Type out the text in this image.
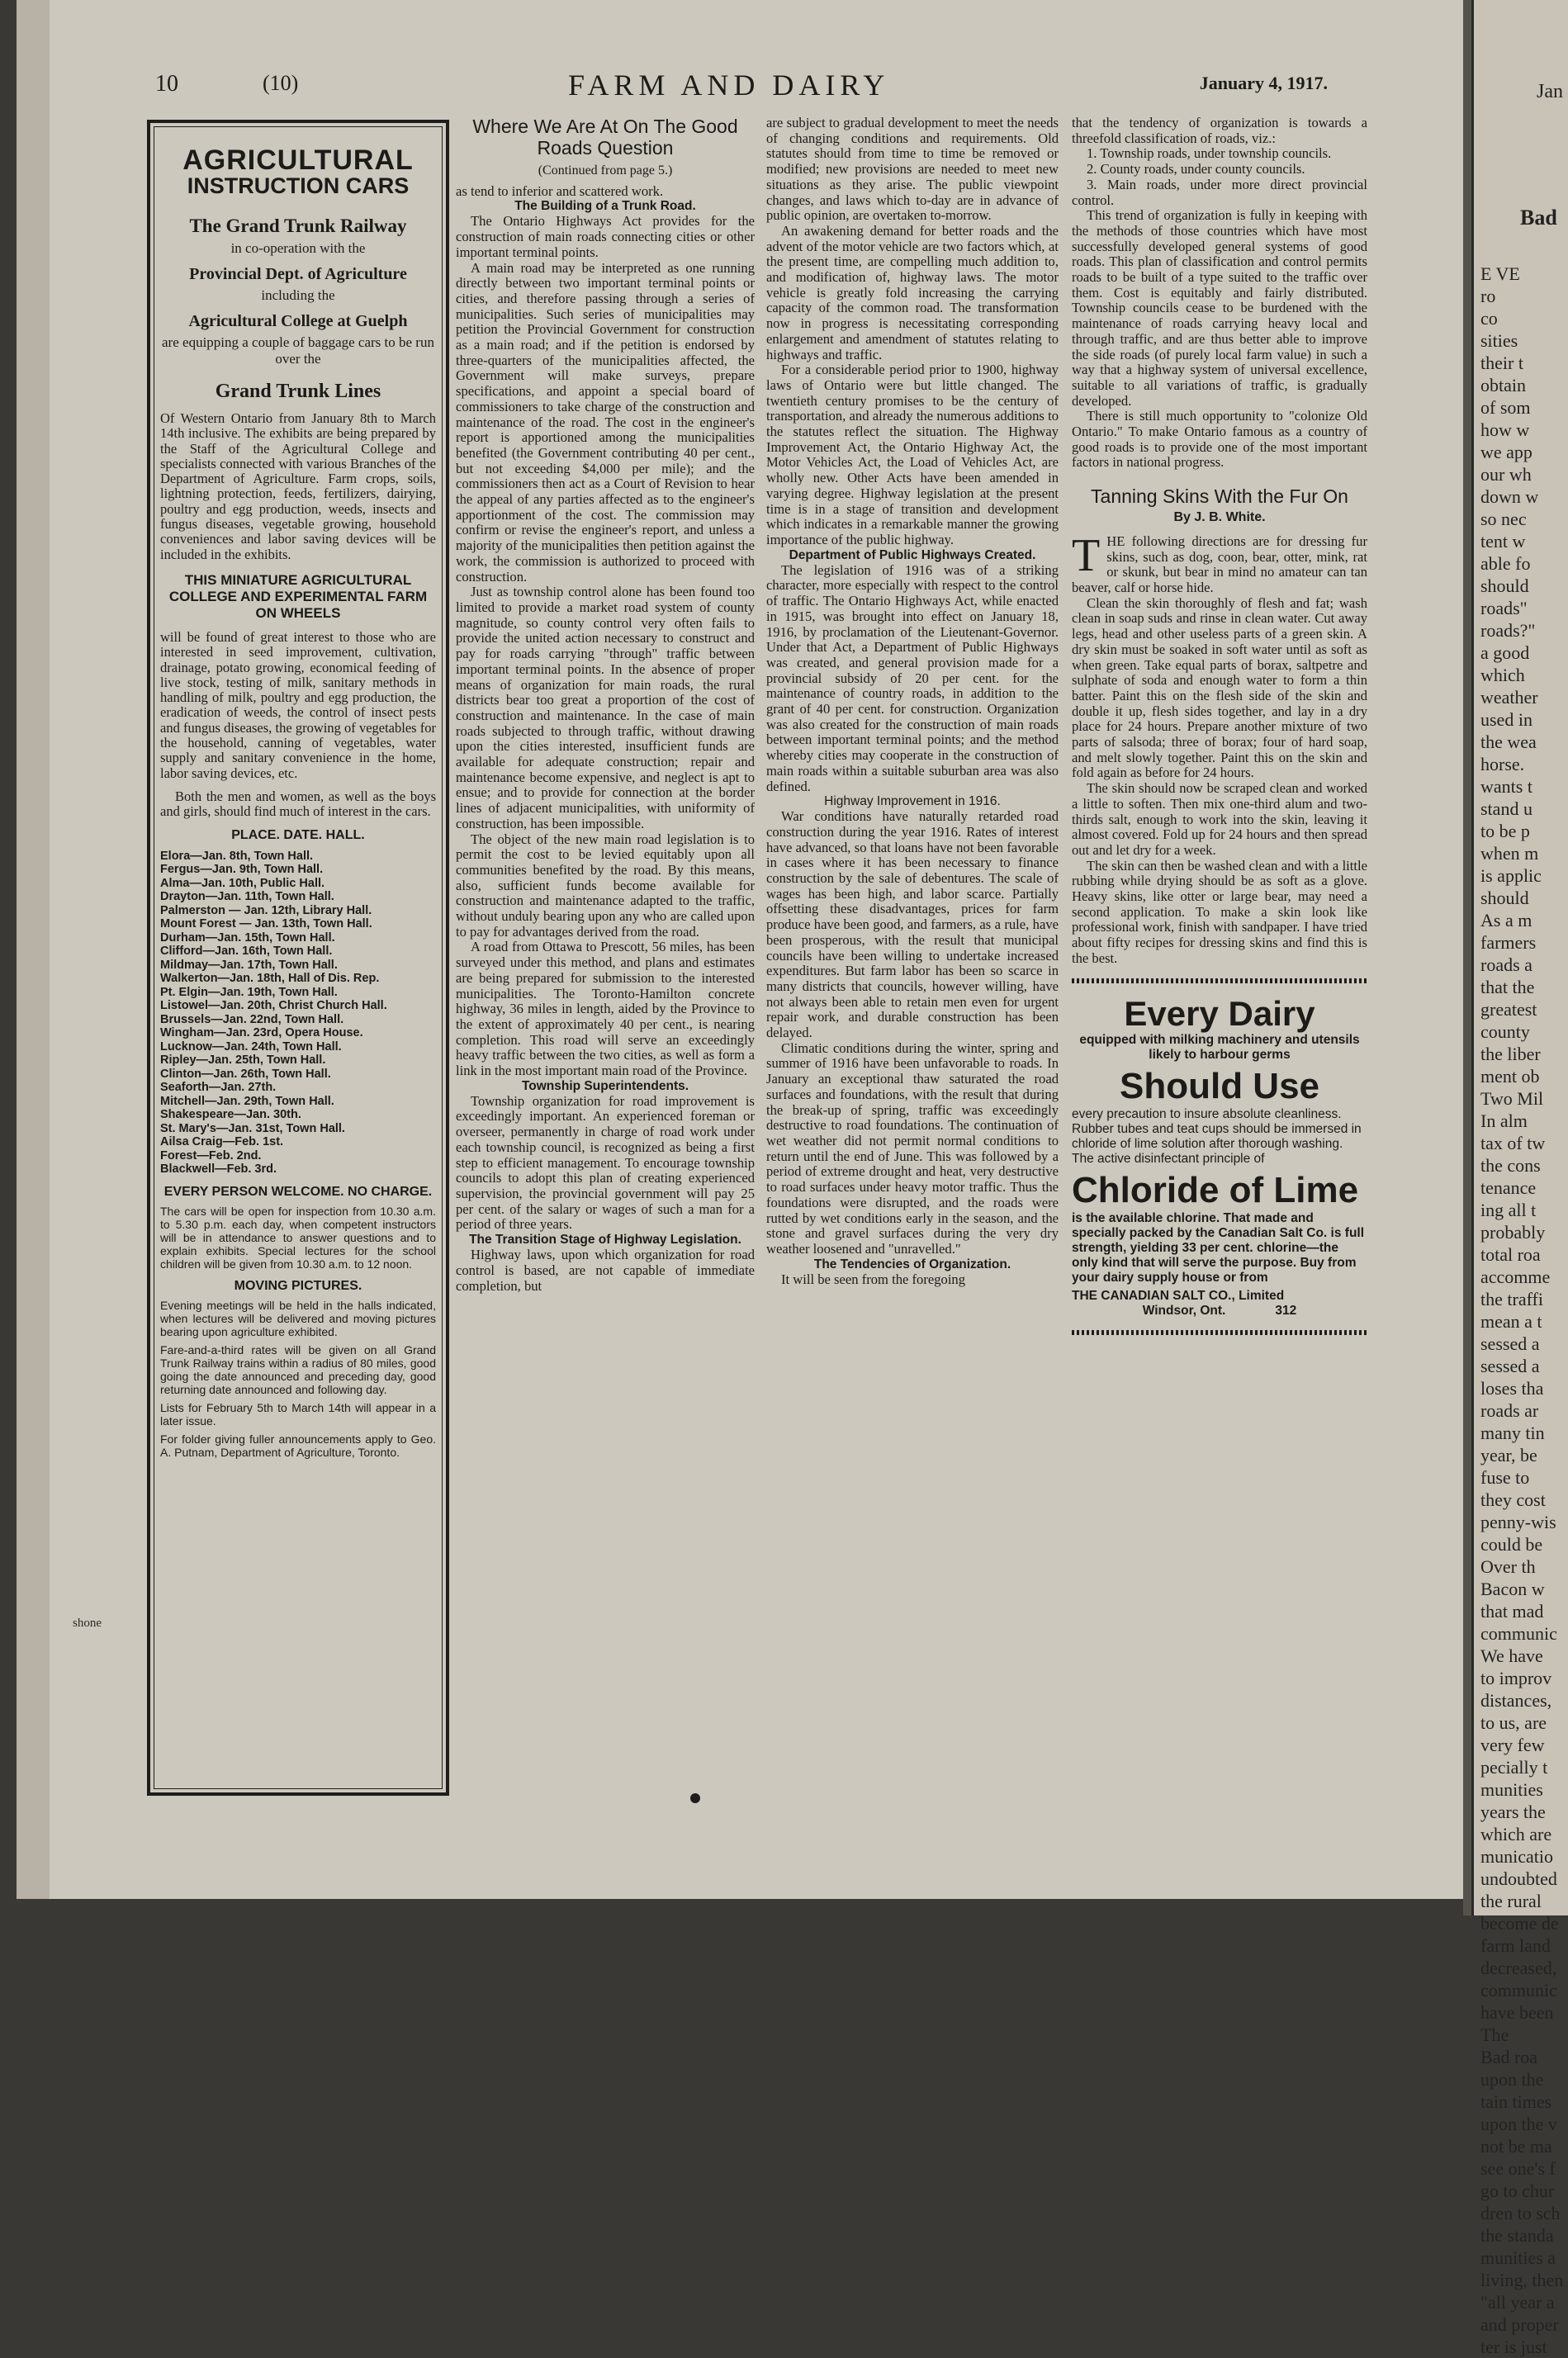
Jan
Bad
E VE
ro
co
sities
their t
obtain
of som
how w
we app
our wh
down w
so nec
tent w
able fo
should
roads"
roads?"
a good
which
weather
used in
the wea
horse.
wants t
stand u
to be p
when m
is applic
should
As a m
farmers
roads a
that the
greatest
county
the liber
ment ob
Two Mil
In alm
tax of tw
the cons
tenance
ing all t
probably
total roa
accomme
the traffi
mean a t
sessed a
sessed a
loses tha
roads ar
many tin
year, be
fuse to
they cost
penny-wis
could be
Over th
Bacon w
that mad
communic
We have
to improv
distances,
to us, are
very few
pecially t
munities
years the
which are
municatio
undoubted
the rural
become de
farm land
decreased,
communic
have been
The
Bad roa
upon the
tain times
upon the v
not be ma
see one's f
go to chur
dren to sch
the standa
munities a
living, then
"all year a
and proper
ter is just
10	(10)	FARM AND DAIRY	January 4, 1917.
AGRICULTURAL
INSTRUCTION CARS
The Grand Trunk Railway
in co-operation with the
Provincial Dept. of Agriculture
including the
Agricultural College at Guelph
are equipping a couple of baggage cars to be run over the
Grand Trunk Lines
Of Western Ontario from January 8th to March 14th inclusive. The exhibits are being prepared by the Staff of the Agricultural College and specialists connected with various Branches of the Department of Agriculture. Farm crops, soils, lightning protection, feeds, fertilizers, dairying, poultry and egg production, weeds, insects and fungus diseases, vegetable growing, household conveniences and labor saving devices will be included in the exhibits.
THIS MINIATURE AGRICULTURAL COLLEGE AND EXPERIMENTAL FARM ON WHEELS
will be found of great interest to those who are interested in seed improvement, cultivation, drainage, potato growing, economical feeding of live stock, testing of milk, sanitary methods in handling of milk, poultry and egg production, the eradication of weeds, the control of insect pests and fungus diseases, the growing of vegetables for the household, canning of vegetables, water supply and sanitary convenience in the home, labor saving devices, etc.
Both the men and women, as well as the boys and girls, should find much of interest in the cars.
PLACE. DATE. HALL.
Elora—Jan. 8th, Town Hall.
Fergus—Jan. 9th, Town Hall.
Alma—Jan. 10th, Public Hall.
Drayton—Jan. 11th, Town Hall.
Palmerston — Jan. 12th, Library Hall.
Mount Forest — Jan. 13th, Town Hall.
Durham—Jan. 15th, Town Hall.
Clifford—Jan. 16th, Town Hall.
Mildmay—Jan. 17th, Town Hall.
Walkerton—Jan. 18th, Hall of Dis. Rep.
Pt. Elgin—Jan. 19th, Town Hall.
Listowel—Jan. 20th, Christ Church Hall.
Brussels—Jan. 22nd, Town Hall.
Wingham—Jan. 23rd, Opera House.
Lucknow—Jan. 24th, Town Hall.
Ripley—Jan. 25th, Town Hall.
Clinton—Jan. 26th, Town Hall.
Seaforth—Jan. 27th.
Mitchell—Jan. 29th, Town Hall.
Shakespeare—Jan. 30th.
St. Mary's—Jan. 31st, Town Hall.
Ailsa Craig—Feb. 1st.
Forest—Feb. 2nd.
Blackwell—Feb. 3rd.
EVERY PERSON WELCOME. NO CHARGE.
The cars will be open for inspection from 10.30 a.m. to 5.30 p.m. each day, when competent instructors will be in attendance to answer questions and to explain exhibits. Special lectures for the school children will be given from 10.30 a.m. to 12 noon.
MOVING PICTURES.
Evening meetings will be held in the halls indicated, when lectures will be delivered and moving pictures bearing upon agriculture exhibited.
Fare-and-a-third rates will be given on all Grand Trunk Railway trains within a radius of 80 miles, good going the date announced and preceding day, good returning date announced and following day.
Lists for February 5th to March 14th will appear in a later issue.
For folder giving fuller announcements apply to Geo. A. Putnam, Department of Agriculture, Toronto.
shone
Where We Are At On The Good Roads Question
(Continued from page 5.)

as tend to inferior and scattered work.

The Building of a Trunk Road.

The Ontario Highways Act provides for the construction of main roads connecting cities or other important terminal points.

A main road may be interpreted as one running directly between two important terminal points or cities, and therefore passing through a series of municipalities. Such series of municipalities may petition the Provincial Government for construction as a main road; and if the petition is endorsed by three-quarters of the municipalities affected, the Government will make surveys, prepare specifications, and appoint a special board of commissioners to take charge of the construction and maintenance of the road. The cost in the engineer's report is apportioned among the municipalities benefited (the Government contributing 40 per cent., but not exceeding $4,000 per mile); and the commissioners then act as a Court of Revision to hear the appeal of any parties affected as to the engineer's apportionment of the cost. The commission may confirm or revise the engineer's report, and unless a majority of the municipalities then petition against the work, the commission is authorized to proceed with construction.

Just as township control alone has been found too limited to provide a market road system of county magnitude, so county control very often fails to provide the united action necessary to construct and pay for roads carrying "through" traffic between important terminal points. In the absence of proper means of organization for main roads, the rural districts bear too great a proportion of the cost of construction and maintenance. In the case of main roads subjected to through traffic, without drawing upon the cities interested, insufficient funds are available for adequate construction; repair and maintenance become expensive, and neglect is apt to ensue; and to provide for connection at the border lines of adjacent municipalities, with uniformity of construction, has been impossible.

The object of the new main road legislation is to permit the cost to be levied equitably upon all communities benefited by the road. By this means, also, sufficient funds become available for construction and maintenance adapted to the traffic, without unduly bearing upon any who are called upon to pay for advantages derived from the road.

A road from Ottawa to Prescott, 56 miles, has been surveyed under this method, and plans and estimates are being prepared for submission to the interested municipalities. The Toronto-Hamilton concrete highway, 36 miles in length, aided by the Province to the extent of approximately 40 per cent., is nearing completion. This road will serve an exceedingly heavy traffic between the two cities, as well as form a link in the most important main road of the Province.

Township Superintendents.

Township organization for road improvement is exceedingly important. An experienced foreman or overseer, permanently in charge of road work under each township council, is recognized as being a first step to efficient management. To encourage township councils to adopt this plan of creating experienced supervision, the provincial government will pay 25 per cent. of the salary or wages of such a man for a period of three years.

The Transition Stage of Highway Legislation.

Highway laws, upon which organization for road control is based, are not capable of immediate completion, but

are subject to gradual development to meet the needs of changing conditions and requirements. Old statutes should from time to time be removed or modified; new provisions are needed to meet new situations as they arise. The public viewpoint changes, and laws which to-day are in advance of public opinion, are overtaken to-morrow.

An awakening demand for better roads and the advent of the motor vehicle are two factors which, at the present time, are compelling much addition to, and modification of, highway laws. The motor vehicle is greatly fold increasing the carrying capacity of the common road. The transformation now in progress is necessitating corresponding enlargement and amendment of statutes relating to highways and traffic.

For a considerable period prior to 1900, highway laws of Ontario were but little changed. The twentieth century promises to be the century of transportation, and already the numerous additions to the statutes reflect the situation. The Highway Improvement Act, the Ontario Highway Act, the Motor Vehicles Act, the Load of Vehicles Act, are wholly new. Other Acts have been amended in varying degree. Highway legislation at the present time is in a stage of transition and development which indicates in a remarkable manner the growing importance of the public highway.

Department of Public Highways Created.

The legislation of 1916 was of a striking character, more especially with respect to the control of traffic. The Ontario Highways Act, while enacted in 1915, was brought into effect on January 18, 1916, by proclamation of the Lieutenant-Governor. Under that Act, a Department of Public Highways was created, and general provision made for a provincial subsidy of 20 per cent. for the maintenance of country roads, in addition to the grant of 40 per cent. for construction. Organization was also created for the construction of main roads between important terminal points; and the method whereby cities may cooperate in the construction of main roads within a suitable suburban area was also defined.

Highway Improvement in 1916.

War conditions have naturally retarded road construction during the year 1916. Rates of interest have advanced, so that loans have not been favorable in cases where it has been necessary to finance construction by the sale of debentures. The scale of wages has been high, and labor scarce. Partially offsetting these disadvantages, prices for farm produce have been good, and farmers, as a rule, have been prosperous, with the result that municipal councils have been willing to undertake increased expenditures. But farm labor has been so scarce in many districts that councils, however willing, have not always been able to retain men even for urgent repair work, and durable construction has been delayed.

Climatic conditions during the winter, spring and summer of 1916 have been unfavorable to roads. In January an exceptional thaw saturated the road surfaces and foundations, with the result that during the break-up of spring, traffic was exceedingly destructive to road foundations. The continuation of wet weather did not permit normal conditions to return until the end of June. This was followed by a period of extreme drought and heat, very destructive to road surfaces under heavy motor traffic. Thus the foundations were disrupted, and the roads were rutted by wet conditions early in the season, and the stone and gravel surfaces during the very dry weather loosened and "unravelled."

The Tendencies of Organization.

It will be seen from the foregoing

that the tendency of organization is towards a threefold classification of roads, viz.:

1. Township roads, under township councils.

2. County roads, under county councils.

3. Main roads, under more direct provincial control.

This trend of organization is fully in keeping with the methods of those countries which have most successfully developed general systems of good roads. This plan of classification and control permits roads to be built of a type suited to the traffic over them. Cost is equitably and fairly distributed. Township councils cease to be burdened with the maintenance of roads carrying heavy local and through traffic, and are thus better able to improve the side roads (of purely local farm value) in such a way that a highway system of universal excellence, suitable to all variations of traffic, is gradually developed.

There is still much opportunity to "colonize Old Ontario." To make Ontario famous as a country of good roads is to provide one of the most important factors in national progress.

Tanning Skins With the Fur On
By J. B. White.
T HE following directions are for dressing fur skins, such as dog, coon, bear, otter, mink, rat or skunk, but bear in mind no amateur can tan beaver, calf or horse hide.

Clean the skin thoroughly of flesh and fat; wash clean in soap suds and rinse in clean water. Cut away legs, head and other useless parts of a green skin. A dry skin must be soaked in soft water until as soft as when green. Take equal parts of borax, saltpetre and sulphate of soda and enough water to form a thin batter. Paint this on the flesh side of the skin and double it up, flesh sides together, and lay in a dry place for 24 hours. Prepare another mixture of two parts of salsoda; three of borax; four of hard soap, and melt slowly together. Paint this on the skin and fold again as before for 24 hours.

The skin should now be scraped clean and worked a little to soften. Then mix one-third alum and two-thirds salt, enough to work into the skin, leaving it almost covered. Fold up for 24 hours and then spread out and let dry for a week.

The skin can then be washed clean and with a little rubbing while drying should be as soft as a glove. Heavy skins, like otter or large bear, may need a second application. To make a skin look like professional work, finish with sandpaper. I have tried about fifty recipes for dressing skins and find this is the best.

Every Dairy
equipped with milking machinery and utensils likely to harbour germs
Should Use
every precaution to insure absolute cleanliness. Rubber tubes and teat cups should be immersed in chloride of lime solution after thorough washing. The active disinfectant principle of
Chloride of Lime
is the available chlorine. That made and specially packed by the Canadian Salt Co. is full strength, yielding 33 per cent. chlorine—the only kind that will serve the purpose. Buy from your dairy supply house or from
THE CANADIAN SALT CO., Limited
Windsor, Ont.	312
